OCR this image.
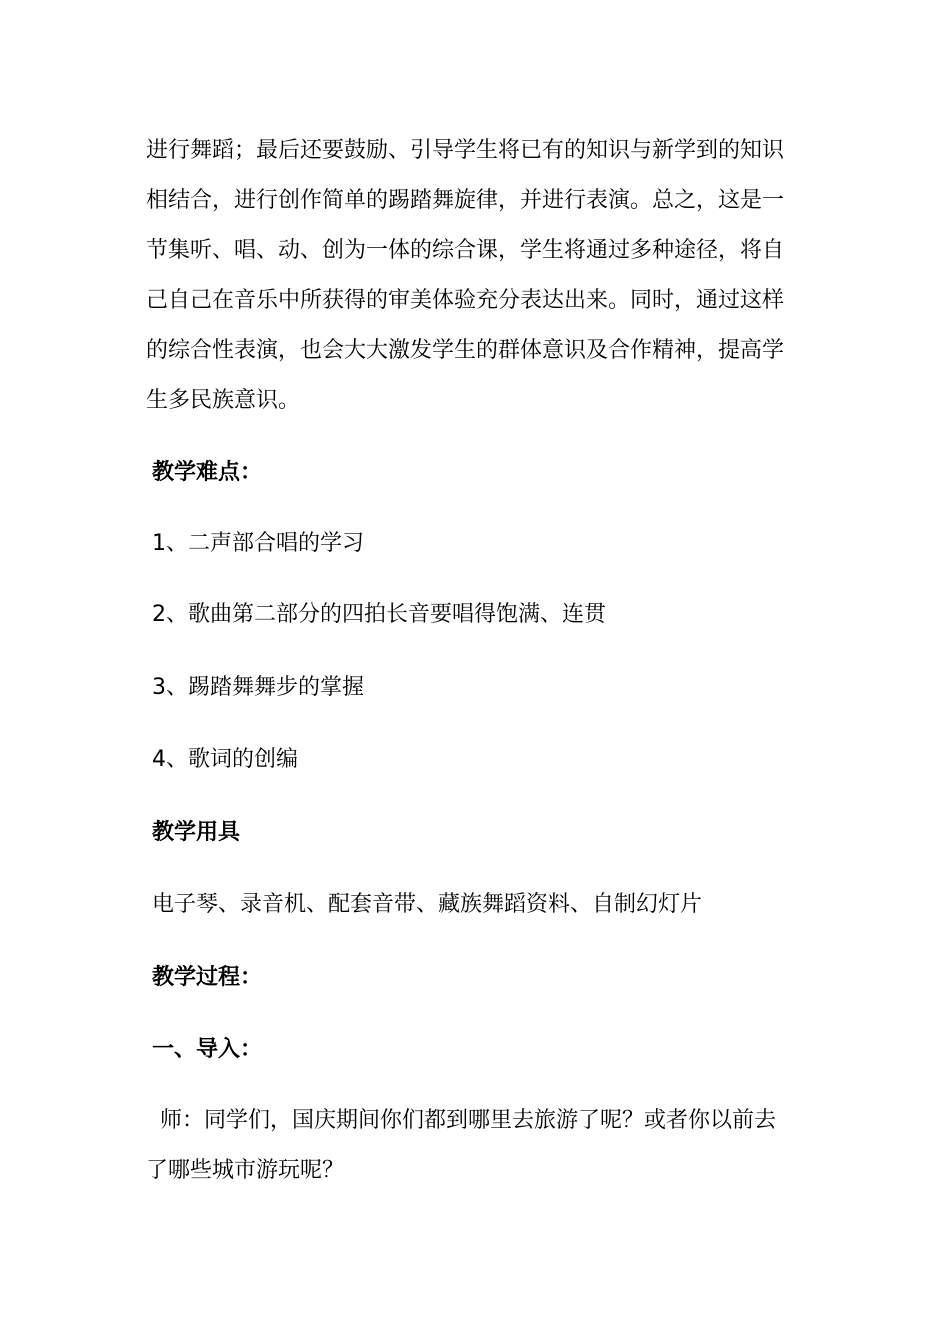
进行舞蹈；最后还要鼓励、引导学生将已有的知识与新学到的知识
相结合，进行创作简单的踢踏舞旋律，并进行表演。总之，这是一
节集听、唱、动、创为一体的综合课，学生将通过多种途径，将自
己自己在音乐中所获得的审美体验充分表达出来。同时，通过这样
的综合性表演，也会大大激发学生的群体意识及合作精神，提高学
生多民族意识。
教学难点：
1、二声部合唱的学习
2、歌曲第二部分的四拍长音要唱得饱满、连贯
3、踢踏舞舞步的掌握
4、歌词的创编
教学用具
电子琴、录音机、配套音带、藏族舞蹈资料、自制幻灯片
教学过程：
一、导入：
师：同学们，国庆期间你们都到哪里去旅游了呢？或者你以前去
了哪些城市游玩呢？
